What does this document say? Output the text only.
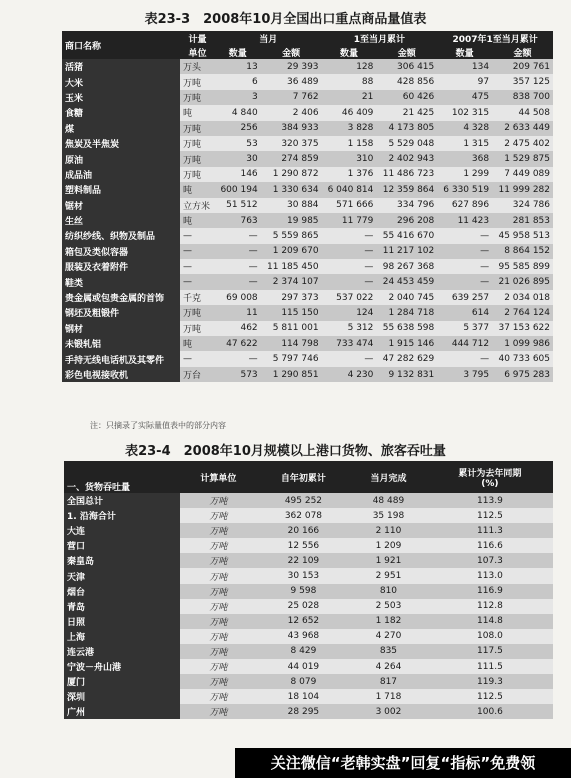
表23-3　2008年10月全国出口重点商品量值表
商口名称	计量	当月		1至当月累计		2007年1至当月累计	
	单位	数量	金额	数量	金额	数量	金额
活猪	万头	13	29 393	128	306 415	134	209 761
大米	万吨	6	36 489	88	428 856	97	357 125
玉米	万吨	3	7 762	21	60 426	475	838 700
食糖	吨	4 840	2 406	46 409	21 425	102 315	44 508
煤	万吨	256	384 933	3 828	4 173 805	4 328	2 633 449
焦炭及半焦炭	万吨	53	320 375	1 158	5 529 048	1 315	2 475 402
原油	万吨	30	274 859	310	2 402 943	368	1 529 875
成品油	万吨	146	1 290 872	1 376	11 486 723	1 299	7 449 089
塑料制品	吨	600 194	1 330 634	6 040 814	12 359 864	6 330 519	11 999 282
锯材	立方米	51 512	30 884	571 666	334 796	627 896	324 786
生丝	吨	763	19 985	11 779	296 208	11 423	281 853
纺织纱线、织物及制品	—	—	5 559 865	—	55 416 670	—	45 958 513
箱包及类似容器	—	—	1 209 670	—	11 217 102	—	8 864 152
服装及衣着附件	—	—	11 185 450	—	98 267 368	—	95 585 899
鞋类	—	—	2 374 107	—	24 453 459	—	21 026 895
贵金属或包贵金属的首饰	千克	69 008	297 373	537 022	2 040 745	639 257	2 034 018
钢坯及粗锻件	万吨	11	115 150	124	1 284 718	614	2 764 124
钢材	万吨	462	5 811 001	5 312	55 638 598	5 377	37 153 622
未锻轧铝	吨	47 622	114 798	733 474	1 915 146	444 712	1 099 986
手持无线电话机及其零件	—	—	5 797 746	—	47 282 629	—	40 733 605
彩色电视接收机	万台	573	1 290 851	4 230	9 132 831	3 795	6 975 283
注：只摘录了实际量值表中的部分内容
表23-4　2008年10月规模以上港口货物、旅客吞吐量
一、货物吞吐量	计算单位	自年初累计	当月完成	累计为去年同期
(%)

全国总计	万吨	495 252	48 489	113.9
1. 沿海合计	万吨	362 078	35 198	112.5
大连	万吨	20 166	2 110	111.3
营口	万吨	12 556	1 209	116.6
秦皇岛	万吨	22 109	1 921	107.3
天津	万吨	30 153	2 951	113.0
烟台	万吨	9 598	810	116.9
青岛	万吨	25 028	2 503	112.8
日照	万吨	12 652	1 182	114.8
上海	万吨	43 968	4 270	108.0
连云港	万吨	8 429	835	117.5
宁波－舟山港	万吨	44 019	4 264	111.5
厦门	万吨	8 079	817	119.3
深圳	万吨	18 104	1 718	112.5
广州	万吨	28 295	3 002	100.6
关注微信“老韩实盘”回复“指标”免费领
